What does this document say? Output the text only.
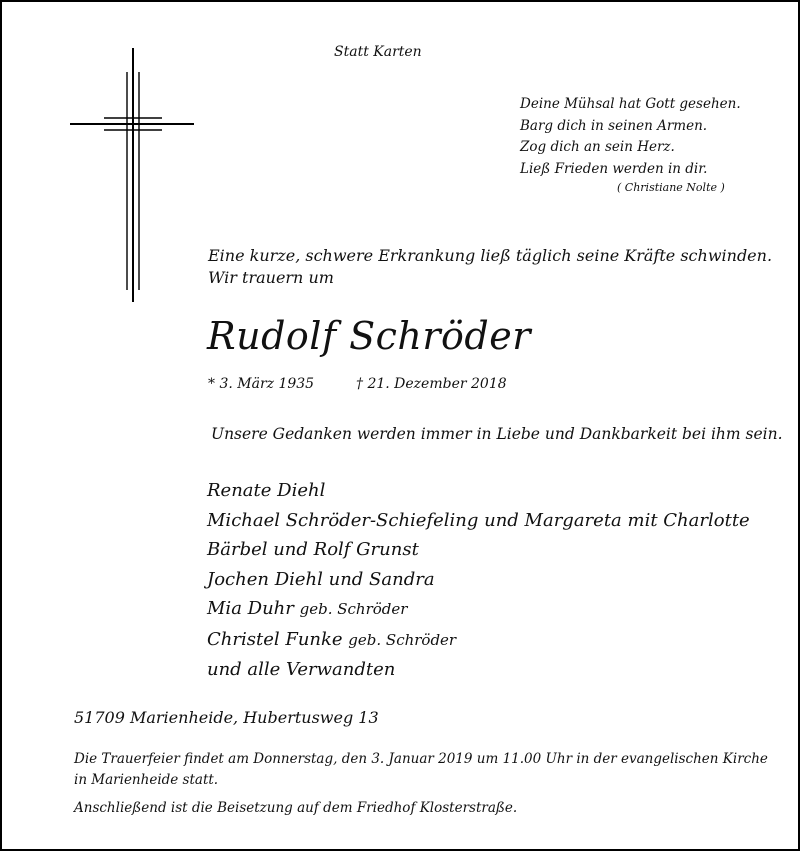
Statt Karten
Deine Mühsal hat Gott gesehen.
Barg dich in seinen Armen.
Zog dich an sein Herz.
Ließ Frieden werden in dir.
( Christiane Nolte )
Eine kurze, schwere Erkrankung ließ täglich seine Kräfte schwinden.
Wir trauern um
Rudolf Schröder
* 3. März 1935	† 21. Dezember 2018
Unsere Gedanken werden immer in Liebe und Dankbarkeit bei ihm sein.
Renate Diehl
Michael Schröder-Schiefeling und Margareta mit Charlotte
Bärbel und Rolf Grunst
Jochen Diehl und Sandra
Mia Duhr geb. Schröder
Christel Funke geb. Schröder
und alle Verwandten
51709 Marienheide, Hubertusweg 13
Die Trauerfeier findet am Donnerstag, den 3. Januar 2019 um 11.00 Uhr in der evangelischen Kirche
in Marienheide statt.
Anschließend ist die Beisetzung auf dem Friedhof Klosterstraße.
